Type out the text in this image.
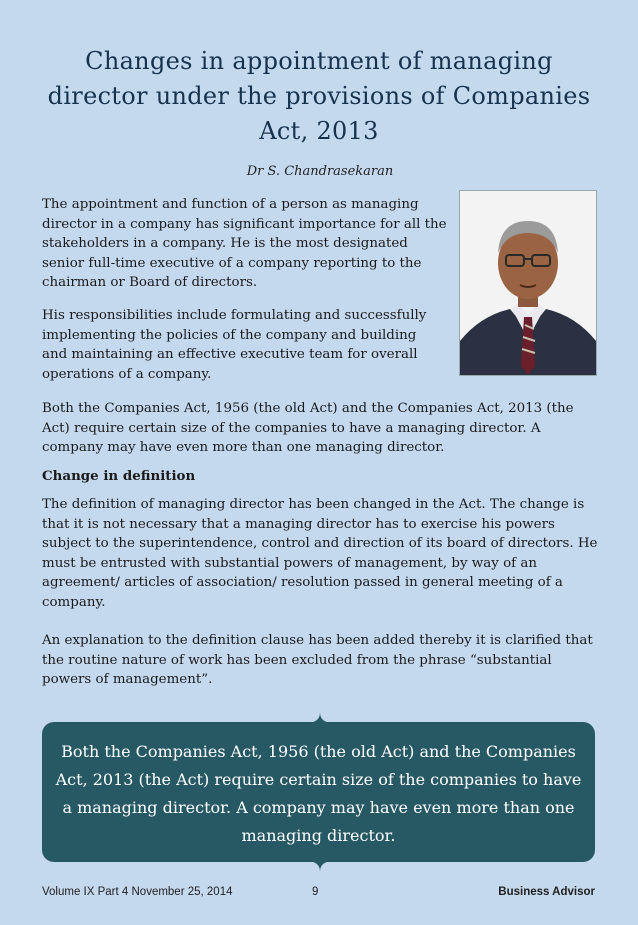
Changes in appointment of managing director under the provisions of Companies Act, 2013
Dr S. Chandrasekaran

The appointment and function of a person as managing director in a company has significant importance for all the stakeholders in a company. He is the most designated senior full-time executive of a company reporting to the chairman or Board of directors.

His responsibilities include formulating and successfully implementing the policies of the company and building and maintaining an effective executive team for overall operations of a company.

Both the Companies Act, 1956 (the old Act) and the Companies Act, 2013 (the Act) require certain size of the companies to have a managing director. A company may have even more than one managing director.

Change in definition

The definition of managing director has been changed in the Act. The change is that it is not necessary that a managing director has to exercise his powers subject to the superintendence, control and direction of its board of directors. He must be entrusted with substantial powers of management, by way of an agreement/ articles of association/ resolution passed in general meeting of a company.

An explanation to the definition clause has been added thereby it is clarified that the routine nature of work has been excluded from the phrase “substantial powers of management”.

Both the Companies Act, 1956 (the old Act) and the Companies Act, 2013 (the Act) require certain size of the companies to have a managing director. A company may have even more than one managing director.

Volume IX Part 4 November 25, 2014	9	Business Advisor
